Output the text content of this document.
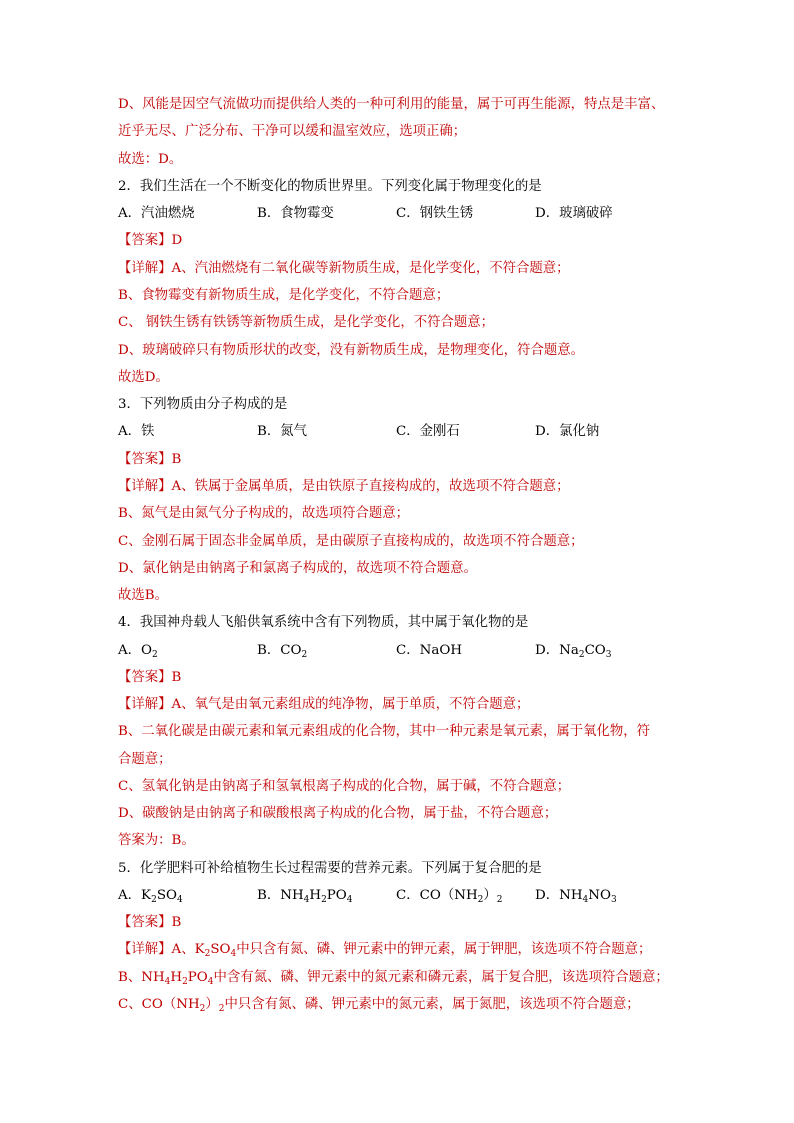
D、风能是因空气流做功而提供给人类的一种可利用的能量，属于可再生能源，特点是丰富、
近乎无尽、广泛分布、干净可以缓和温室效应，选项正确；
故选：D。
2．我们生活在一个不断变化的物质世界里。下列变化属于物理变化的是
A．汽油燃烧	B．食物霉变	C．钢铁生锈	D．玻璃破碎
【答案】D
【详解】A、汽油燃烧有二氧化碳等新物质生成，是化学变化，不符合题意；
B、食物霉变有新物质生成，是化学变化，不符合题意；
C、 钢铁生锈有铁锈等新物质生成，是化学变化，不符合题意；
D、玻璃破碎只有物质形状的改变，没有新物质生成，是物理变化，符合题意。
故选D。
3．下列物质由分子构成的是
A．铁	B．氮气	C．金刚石	D．氯化钠
【答案】B
【详解】A、铁属于金属单质，是由铁原子直接构成的，故选项不符合题意；
B、氮气是由氮气分子构成的，故选项符合题意；
C、金刚石属于固态非金属单质，是由碳原子直接构成的，故选项不符合题意；
D、氯化钠是由钠离子和氯离子构成的，故选项不符合题意。
故选B。
4．我国神舟载人飞船供氧系统中含有下列物质，其中属于氧化物的是
A．$O_2$	B．$CO_2$	C．NaOH	D．$Na_2CO_3$
【答案】B
【详解】A、氧气是由氧元素组成的纯净物，属于单质，不符合题意；
B、二氧化碳是由碳元素和氧元素组成的化合物，其中一种元素是氧元素，属于氧化物，符
合题意；
C、氢氧化钠是由钠离子和氢氧根离子构成的化合物，属于碱，不符合题意；
D、碳酸钠是由钠离子和碳酸根离子构成的化合物，属于盐，不符合题意；
答案为：B。
5．化学肥料可补给植物生长过程需要的营养元素。下列属于复合肥的是
A．$K_2SO_4$	B．$NH_4H_2PO_4$	C．$CO(NH_2)_2$ D．$NH_4NO_3$
【答案】B
【详解】A、$K_2SO_4$中只含有氮、磷、钾元素中的钾元素，属于钾肥，该选项不符合题意；
B、$NH_4H_2PO_4$中含有氮、磷、钾元素中的氮元素和磷元素，属于复合肥，该选项符合题意；
C、$CO(NH_2)_2$中只含有氮、磷、钾元素中的氮元素，属于氮肥，该选项不符合题意；
